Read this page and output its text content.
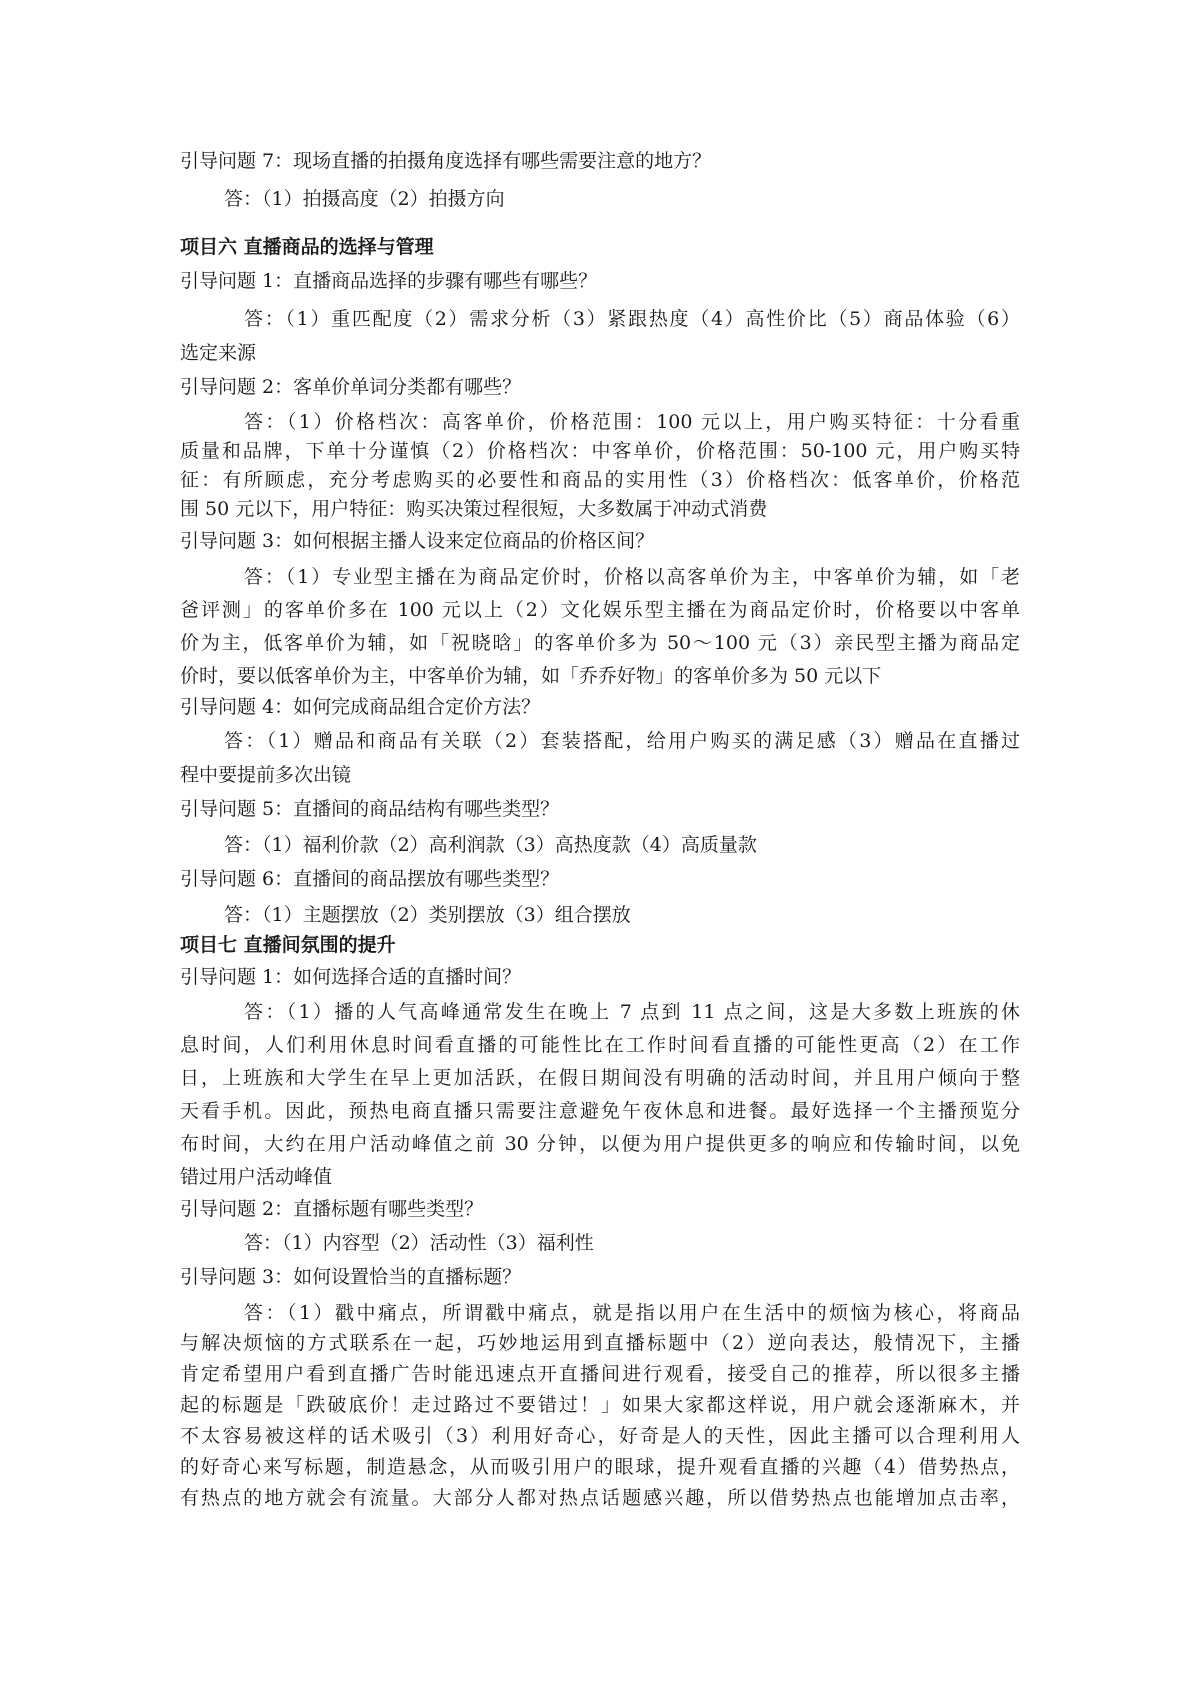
引导问题 7：现场直播的拍摄角度选择有哪些需要注意的地方？
答：（1）拍摄高度（2）拍摄方向
项目六 直播商品的选择与管理
引导问题 1：直播商品选择的步骤有哪些有哪些？
答：（1）重匹配度（2）需求分析（3）紧跟热度（4）高性价比（5）商品体验（6）
选定来源
引导问题 2：客单价单词分类都有哪些？
答：（1）价格档次：高客单价，价格范围：100 元以上，用户购买特征：十分看重
质量和品牌，下单十分谨慎（2）价格档次：中客单价，价格范围：50-100 元，用户购买特
征：有所顾虑，充分考虑购买的必要性和商品的实用性（3）价格档次：低客单价，价格范
围 50 元以下，用户特征：购买决策过程很短，大多数属于冲动式消费
引导问题 3：如何根据主播人设来定位商品的价格区间？
答：（1）专业型主播在为商品定价时，价格以高客单价为主，中客单价为辅，如「老
爸评测」的客单价多在 100 元以上（2）文化娱乐型主播在为商品定价时，价格要以中客单
价为主，低客单价为辅，如「祝晓晗」的客单价多为 50～100 元（3）亲民型主播为商品定
价时，要以低客单价为主，中客单价为辅，如「乔乔好物」的客单价多为 50 元以下
引导问题 4：如何完成商品组合定价方法？
答：（1）赠品和商品有关联（2）套装搭配，给用户购买的满足感（3）赠品在直播过
程中要提前多次出镜
引导问题 5：直播间的商品结构有哪些类型？
答：（1）福利价款（2）高利润款（3）高热度款（4）高质量款
引导问题 6：直播间的商品摆放有哪些类型？
答：（1）主题摆放（2）类别摆放（3）组合摆放
项目七 直播间氛围的提升
引导问题 1：如何选择合适的直播时间？
答：（1）播的人气高峰通常发生在晚上 7 点到 11 点之间，这是大多数上班族的休
息时间，人们利用休息时间看直播的可能性比在工作时间看直播的可能性更高（2）在工作
日，上班族和大学生在早上更加活跃，在假日期间没有明确的活动时间，并且用户倾向于整
天看手机。因此，预热电商直播只需要注意避免午夜休息和进餐。最好选择一个主播预览分
布时间，大约在用户活动峰值之前 30 分钟，以便为用户提供更多的响应和传输时间，以免
错过用户活动峰值
引导问题 2：直播标题有哪些类型？
答：（1）内容型（2）活动性（3）福利性
引导问题 3：如何设置恰当的直播标题？
答：（1）戳中痛点，所谓戳中痛点，就是指以用户在生活中的烦恼为核心，将商品
与解决烦恼的方式联系在一起，巧妙地运用到直播标题中（2）逆向表达，般情况下，主播
肯定希望用户看到直播广告时能迅速点开直播间进行观看，接受自己的推荐，所以很多主播
起的标题是「跌破底价！走过路过不要错过！」如果大家都这样说，用户就会逐渐麻木，并
不太容易被这样的话术吸引（3）利用好奇心，好奇是人的天性，因此主播可以合理利用人
的好奇心来写标题，制造悬念，从而吸引用户的眼球，提升观看直播的兴趣（4）借势热点，
有热点的地方就会有流量。大部分人都对热点话题感兴趣，所以借势热点也能增加点击率，
